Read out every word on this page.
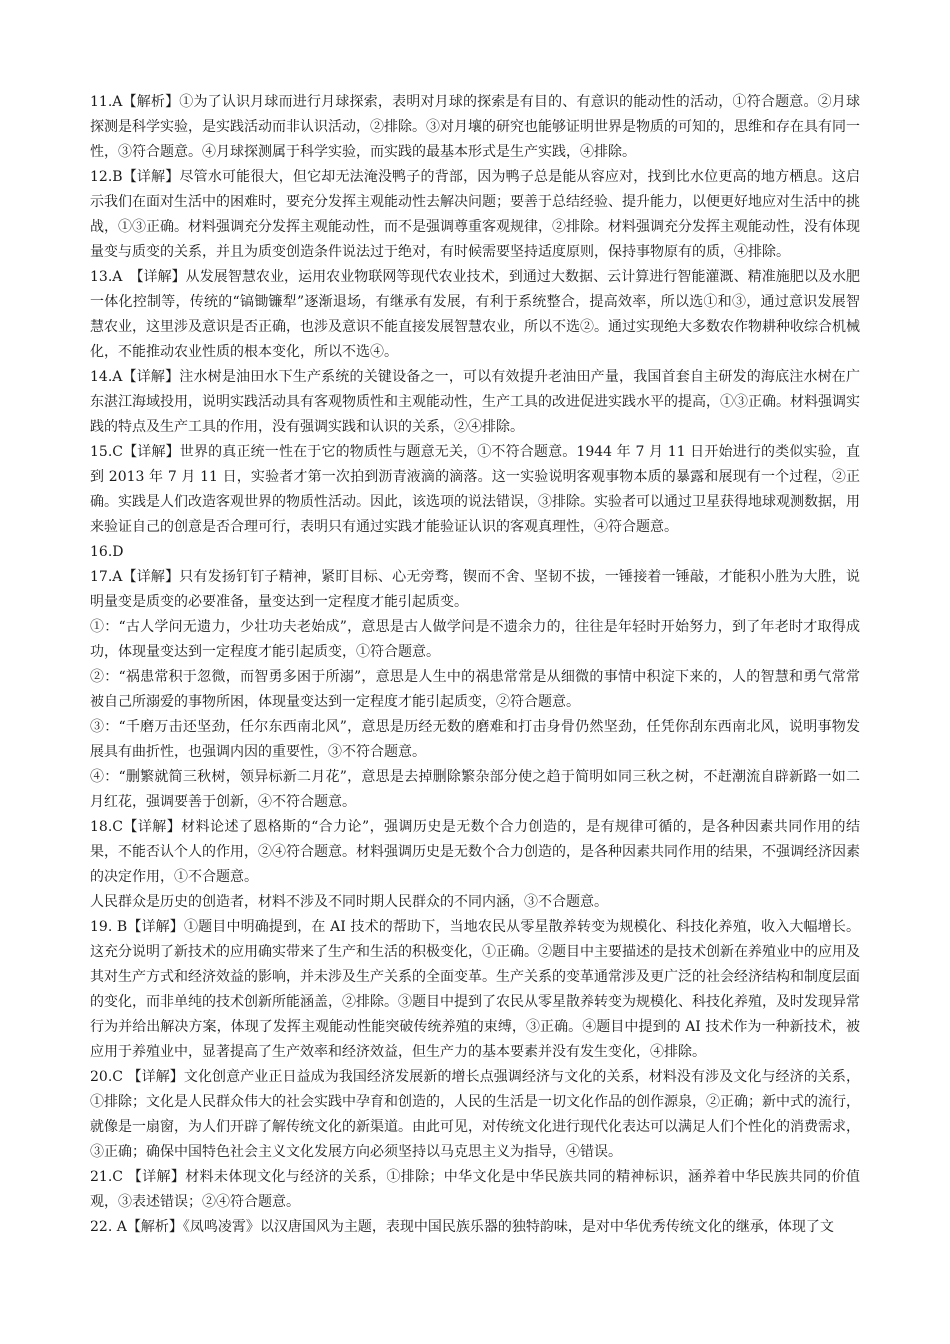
11.A【解析】①为了认识月球而进行月球探索，表明对月球的探索是有目的、有意识的能动性的活动，①符合题意。②月球探测是科学实验，是实践活动而非认识活动，②排除。③对月壤的研究也能够证明世界是物质的可知的，思维和存在具有同一性，③符合题意。④月球探测属于科学实验，而实践的最基本形式是生产实践，④排除。

12.B【详解】尽管水可能很大，但它却无法淹没鸭子的背部，因为鸭子总是能从容应对，找到比水位更高的地方栖息。这启示我们在面对生活中的困难时，要充分发挥主观能动性去解决问题；要善于总结经验、提升能力，以便更好地应对生活中的挑战，①③正确。材料强调充分发挥主观能动性，而不是强调尊重客观规律，②排除。材料强调充分发挥主观能动性，没有体现量变与质变的关系，并且为质变创造条件说法过于绝对，有时候需要坚持适度原则，保持事物原有的质，④排除。

13.A　【详解】从发展智慧农业，运用农业物联网等现代农业技术，到通过大数据、云计算进行智能灌溉、精准施肥以及水肥一体化控制等，传统的“镐锄镰犁”逐渐退场，有继承有发展，有利于系统整合，提高效率，所以选①和③，通过意识发展智慧农业，这里涉及意识是否正确，也涉及意识不能直接发展智慧农业，所以不选②。通过实现绝大多数农作物耕种收综合机械化，不能推动农业性质的根本变化，所以不选④。

14.A【详解】注水树是油田水下生产系统的关键设备之一，可以有效提升老油田产量，我国首套自主研发的海底注水树在广东湛江海域投用，说明实践活动具有客观物质性和主观能动性，生产工具的改进促进实践水平的提高，①③正确。材料强调实践的特点及生产工具的作用，没有强调实践和认识的关系，②④排除。

15.C【详解】世界的真正统一性在于它的物质性与题意无关，①不符合题意。1944 年 7 月 11 日开始进行的类似实验，直到 2013 年 7 月 11 日，实验者才第一次拍到沥青液滴的滴落。这一实验说明客观事物本质的暴露和展现有一个过程，②正确。实践是人们改造客观世界的物质性活动。因此，该选项的说法错误，③排除。实验者可以通过卫星获得地球观测数据，用来验证自己的创意是否合理可行，表明只有通过实践才能验证认识的客观真理性，④符合题意。

16.D

17.A【详解】只有发扬钉钉子精神，紧盯目标、心无旁骛，锲而不舍、坚韧不拔，一锤接着一锤敲，才能积小胜为大胜，说明量变是质变的必要准备，量变达到一定程度才能引起质变。

①：“古人学问无遗力，少壮功夫老始成”，意思是古人做学问是不遗余力的，往往是年轻时开始努力，到了年老时才取得成功，体现量变达到一定程度才能引起质变，①符合题意。

②：“祸患常积于忽微，而智勇多困于所溺”，意思是人生中的祸患常常是从细微的事情中积淀下来的，人的智慧和勇气常常被自己所溺爱的事物所困，体现量变达到一定程度才能引起质变，②符合题意。

③：“千磨万击还坚劲，任尔东西南北风”，意思是历经无数的磨难和打击身骨仍然坚劲，任凭你刮东西南北风，说明事物发展具有曲折性，也强调内因的重要性，③不符合题意。

④：“删繁就简三秋树，领异标新二月花”，意思是去掉删除繁杂部分使之趋于简明如同三秋之树，不赶潮流自辟新路一如二月红花，强调要善于创新，④不符合题意。

18.C【详解】材料论述了恩格斯的“合力论”，强调历史是无数个合力创造的，是有规律可循的，是各种因素共同作用的结果，不能否认个人的作用，②④符合题意。材料强调历史是无数个合力创造的，是各种因素共同作用的结果，不强调经济因素的决定作用，①不合题意。

人民群众是历史的创造者，材料不涉及不同时期人民群众的不同内涵，③不合题意。

19. B【详解】①题目中明确提到，在 AI 技术的帮助下，当地农民从零星散养转变为规模化、科技化养殖，收入大幅增长。这充分说明了新技术的应用确实带来了生产和生活的积极变化，①正确。②题目中主要描述的是技术创新在养殖业中的应用及其对生产方式和经济效益的影响，并未涉及生产关系的全面变革。生产关系的变革通常涉及更广泛的社会经济结构和制度层面的变化，而非单纯的技术创新所能涵盖，②排除。③题目中提到了农民从零星散养转变为规模化、科技化养殖，及时发现异常行为并给出解决方案，体现了发挥主观能动性能突破传统养殖的束缚，③正确。④题目中提到的 AI 技术作为一种新技术，被应用于养殖业中，显著提高了生产效率和经济效益，但生产力的基本要素并没有发生变化，④排除。

20.C 【详解】文化创意产业正日益成为我国经济发展新的增长点强调经济与文化的关系，材料没有涉及文化与经济的关系，①排除；文化是人民群众伟大的社会实践中孕育和创造的，人民的生活是一切文化作品的创作源泉，②正确；新中式的流行，就像是一扇窗，为人们开辟了解传统文化的新渠道。由此可见，对传统文化进行现代化表达可以满足人们个性化的消费需求，③正确；确保中国特色社会主义文化发展方向必须坚持以马克思主义为指导，④错误。

21.C 【详解】材料未体现文化与经济的关系，①排除；中华文化是中华民族共同的精神标识，涵养着中华民族共同的价值观，③表述错误；②④符合题意。

22. A【解析】《凤鸣凌霄》以汉唐国风为主题，表现中国民族乐器的独特韵味，是对中华优秀传统文化的继承，体现了文
